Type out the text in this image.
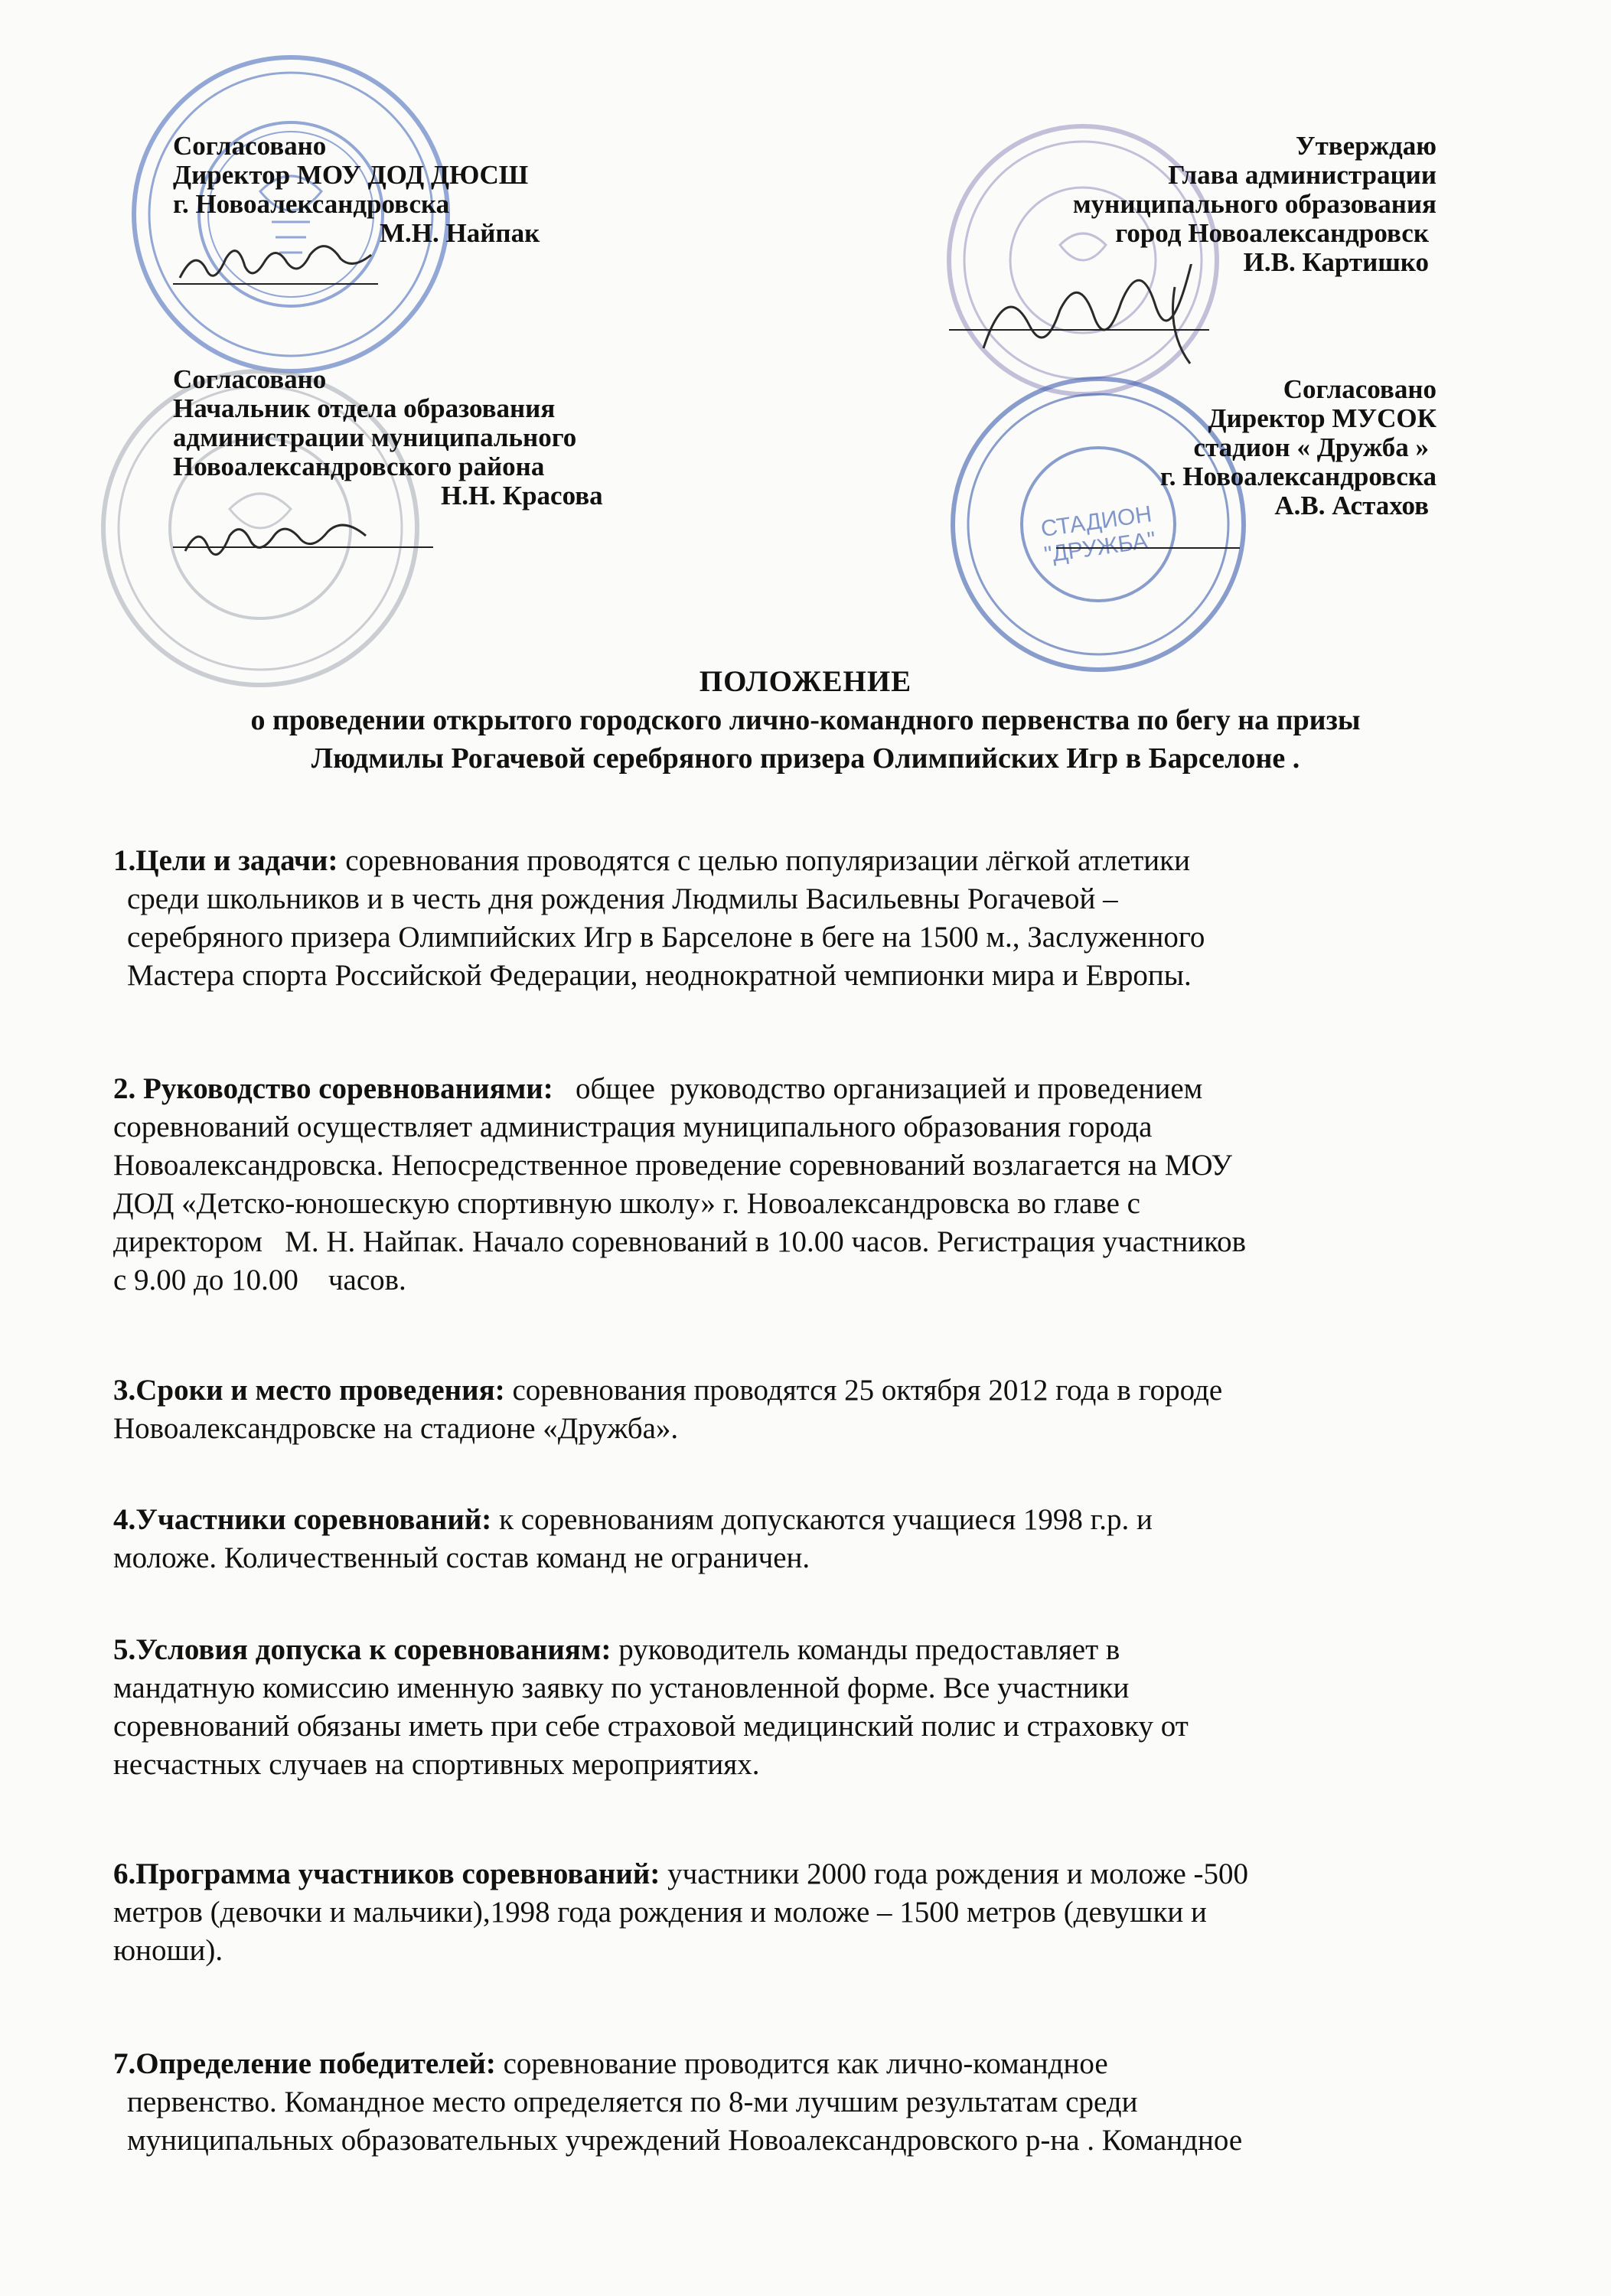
СТАДИОН "ДРУЖБА"
Согласовано
Директор МОУ ДОД ДЮСШ
г. Новоалександровска
М.Н. Найпак
Согласовано
Начальник отдела образования
администрации муниципального
Новоалександровского района
Н.Н. Красова
Утверждаю
Глава администрации
муниципального образования
город Новоалександровск
И.В. Картишко
Согласовано
Директор МУСОК
стадион « Дружба »
г. Новоалександровска
А.В. Астахов
ПОЛОЖЕНИЕ
о проведении открытого городского лично-командного первенства по бегу на призы
Людмилы Рогачевой серебряного призера Олимпийских Игр в Барселоне .
1.Цели и задачи: соревнования проводятся с целью популяризации лёгкой атлетики
среди школьников и в честь дня рождения Людмилы Васильевны Рогачевой –
серебряного призера Олимпийских Игр в Барселоне в беге на 1500 м., Заслуженного
Мастера спорта Российской Федерации, неоднократной чемпионки мира и Европы.
2. Руководство соревнованиями:   общее  руководство организацией и проведением
соревнований осуществляет администрация муниципального образования города
Новоалександровска. Непосредственное проведение соревнований возлагается на МОУ
ДОД «Детско-юношескую спортивную школу» г. Новоалександровска во главе с
директором   М. Н. Найпак. Начало соревнований в 10.00 часов. Регистрация участников
с 9.00 до 10.00    часов.
3.Сроки и место проведения: соревнования проводятся 25 октября 2012 года в городе
Новоалександровске на стадионе «Дружба».
4.Участники соревнований: к соревнованиям допускаются учащиеся 1998 г.р. и
моложе. Количественный состав команд не ограничен.
5.Условия допуска к соревнованиям: руководитель команды предоставляет в
мандатную комиссию именную заявку по установленной форме. Все участники
соревнований обязаны иметь при себе страховой медицинский полис и страховку от
несчастных случаев на спортивных мероприятиях.
6.Программа участников соревнований: участники 2000 года рождения и моложе -500
метров (девочки и мальчики),1998 года рождения и моложе – 1500 метров (девушки и
юноши).
7.Определение победителей: соревнование проводится как лично-командное
первенство. Командное место определяется по 8-ми лучшим результатам среди
муниципальных образовательных учреждений Новоалександровского р-на . Командное
